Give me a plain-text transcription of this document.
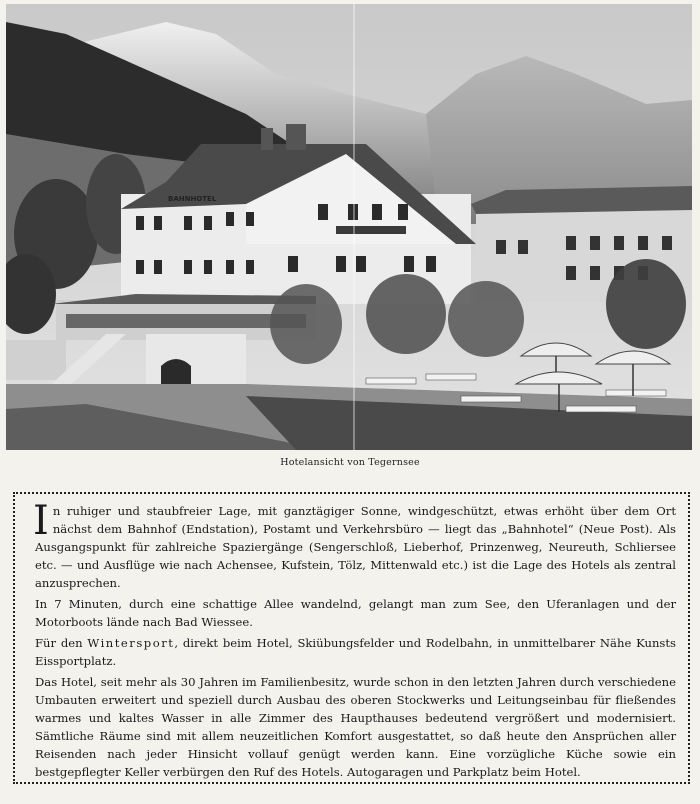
BAHNHOTEL
Hotelansicht von Tegernsee

In ruhiger und staubfreier Lage, mit ganztägiger Sonne, windgeschützt, etwas erhöht über dem Ort nächst dem Bahnhof (Endstation), Postamt und Verkehrsbüro — liegt das „Bahnhotel“ (Neue Post). Als Ausgangspunkt für zahlreiche Spaziergänge (Sengerschloß, Lieberhof, Prinzenweg, Neureuth, Schliersee etc. — und Ausflüge wie nach Achensee, Kufstein, Tölz, Mittenwald etc.) ist die Lage des Hotels als zentral anzusprechen.

In 7 Minuten, durch eine schattige Allee wandelnd, gelangt man zum See, den Uferanlagen und der Motorboots lände nach Bad Wiessee.

Für den Wintersport, direkt beim Hotel, Skiübungsfelder und Rodelbahn, in unmittelbarer Nähe Kunsts Eissportplatz.

Das Hotel, seit mehr als 30 Jahren im Familienbesitz, wurde schon in den letzten Jahren durch verschiedene Umbauten erweitert und speziell durch Ausbau des oberen Stockwerks und Leitungseinbau für fließendes warmes und kaltes Wasser in alle Zimmer des Haupthauses bedeutend vergrößert und modernisiert. Sämtliche Räume sind mit allem neuzeitlichen Komfort ausgestattet, so daß heute den Ansprüchen aller Reisenden nach jeder Hinsicht vollauf genügt werden kann. Eine vorzügliche Küche sowie ein bestgepflegter Keller verbürgen den Ruf des Hotels. Autogaragen und Parkplatz beim Hotel.
